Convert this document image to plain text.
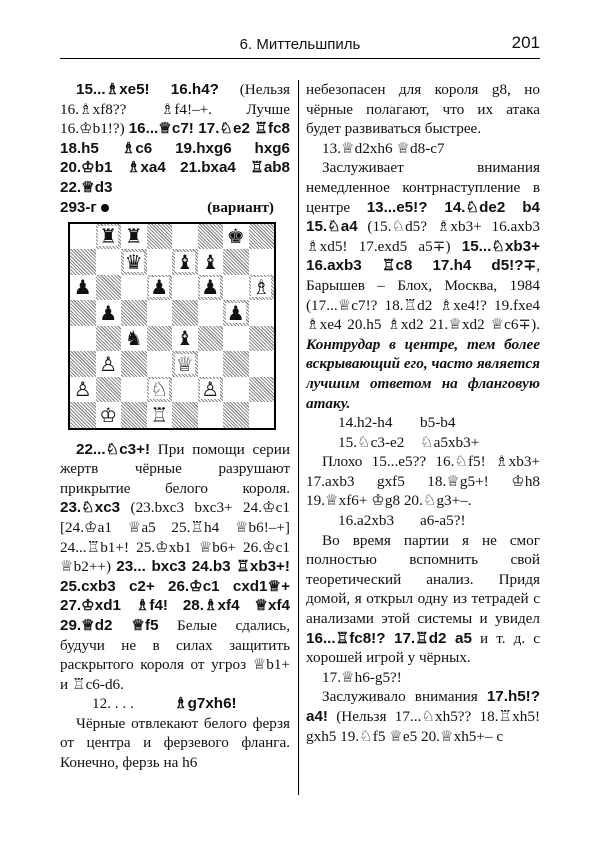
6. Миттельшпиль	201

15...♗xe5! 16.h4? (Нельзя 16.♗xf8?? ♗f4!–+. Лучше 16.♔b1!?) 16...♕c7! 17.♘e2 ♖fc8 18.h5 ♗c6 19.hxg6 hxg6 20.♔b1 ♗xa4 21.bxa4 ♖ab8 22.♕d3

293-г	(вариант)
♜ ♜	♚
♛ ♝ ♝
♟	♟ ♟ ♗
♟	♟
♞ ♝
♙	♕
♙	♘ ♙
♔ ♖

22...♘c3+! При помощи серии жертв чёрные разрушают прикрытие белого короля. 23.♘xc3 (23.bxc3 bxc3+ 24.♔c1 [24.♔a1 ♕a5 25.♖h4 ♕b6!–+] 24...♖b1+! 25.♔xb1 ♕b6+ 26.♔c1 ♕b2++) 23... bxc3 24.b3 ♖xb3+! 25.cxb3 c2+ 26.♔c1 cxd1♕+ 27.♔xd1 ♗f4! 28.♗xf4 ♕xf4 29.♕d2 ♕f5 Белые сдались, будучи не в силах защитить раскрытого короля от угроз ♕b1+ и ♖c6-d6.

12. . . .	♗g7xh6!

Чёрные отвлекают белого ферзя от центра и ферзевого фланга. Конечно, ферзь на h6

небезопасен для короля g8, но чёрные полагают, что их атака будет развиваться быстрее.

13.♕d2xh6 ♕d8-c7

Заслуживает внимания немедленное контрнаступление в центре 13...e5!? 14.♘de2 b4 15.♘a4 (15.♘d5? ♗xb3+ 16.axb3 ♗xd5! 17.exd5 a5∓) 15...♘xb3+ 16.axb3 ♖c8 17.h4 d5!?∓, Барышев – Блох, Москва, 1984 (17...♕c7!? 18.♖d2 ♗xe4!? 19.fxe4 ♗xe4 20.h5 ♗xd2 21.♕xd2 ♕c6∓). Контрудар в центре, тем более вскрывающий его, часто является лучшим ответом на фланговую атаку.

14.h2-h4 b5-b4

15.♘c3-e2 ♘a5xb3+

Плохо 15...e5?? 16.♘f5! ♗xb3+ 17.axb3 gxf5 18.♕g5+! ♔h8 19.♕xf6+ ♔g8 20.♘g3+–.

16.a2xb3 a6-a5?!

Во время партии я не смог полностью вспомнить свой теоретический анализ. Придя домой, я открыл одну из тетрадей с анализами этой системы и увидел 16...♖fc8!? 17.♖d2 a5 и т. д. с хорошей игрой у чёрных.

17.♕h6-g5?!

Заслуживало внимания 17.h5!? a4! (Нельзя 17...♘xh5?? 18.♖xh5! gxh5 19.♘f5 ♕e5 20.♕xh5+– с
